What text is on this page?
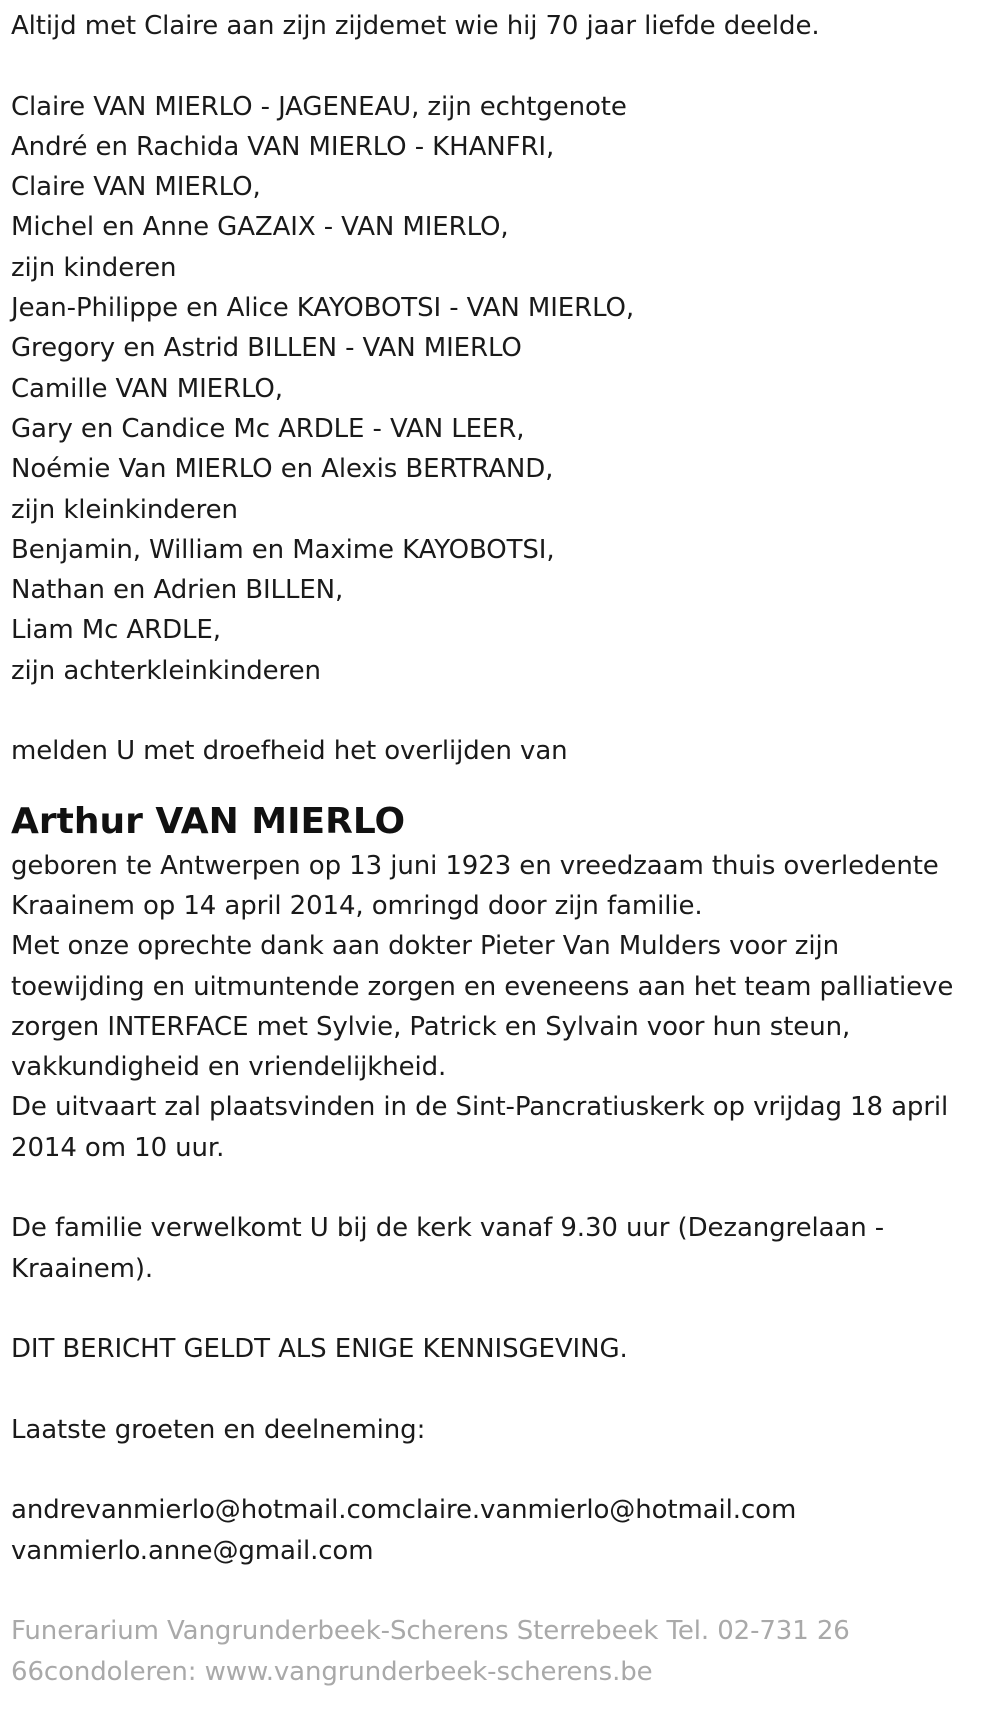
Altijd met Claire aan zijn zijdemet wie hij 70 jaar liefde deelde.
Claire VAN MIERLO - JAGENEAU, zijn echtgenote
André en Rachida VAN MIERLO - KHANFRI,
Claire VAN MIERLO,
Michel en Anne GAZAIX - VAN MIERLO,
zijn kinderen
Jean-Philippe en Alice KAYOBOTSI - VAN MIERLO,
Gregory en Astrid BILLEN - VAN MIERLO
Camille VAN MIERLO,
Gary en Candice Mc ARDLE - VAN LEER,
Noémie Van MIERLO en Alexis BERTRAND,
zijn kleinkinderen
Benjamin, William en Maxime KAYOBOTSI,
Nathan en Adrien BILLEN,
Liam Mc ARDLE,
zijn achterkleinkinderen
melden U met droefheid het overlijden van
Arthur VAN MIERLO
geboren te Antwerpen op 13 juni 1923 en vreedzaam thuis overledente
Kraainem op 14 april 2014, omringd door zijn familie.
Met onze oprechte dank aan dokter Pieter Van Mulders voor zijn
toewijding en uitmuntende zorgen en eveneens aan het team palliatieve
zorgen INTERFACE met Sylvie, Patrick en Sylvain voor hun steun,
vakkundigheid en vriendelijkheid.
De uitvaart zal plaatsvinden in de Sint-Pancratiuskerk op vrijdag 18 april
2014 om 10 uur.
De familie verwelkomt U bij de kerk vanaf 9.30 uur (Dezangrelaan -
Kraainem).
DIT BERICHT GELDT ALS ENIGE KENNISGEVING.
Laatste groeten en deelneming:
andrevanmierlo@hotmail.comclaire.vanmierlo@hotmail.com
vanmierlo.anne@gmail.com
Funerarium Vangrunderbeek-Scherens Sterrebeek Tel. 02-731 26
66condoleren: www.vangrunderbeek-scherens.be
